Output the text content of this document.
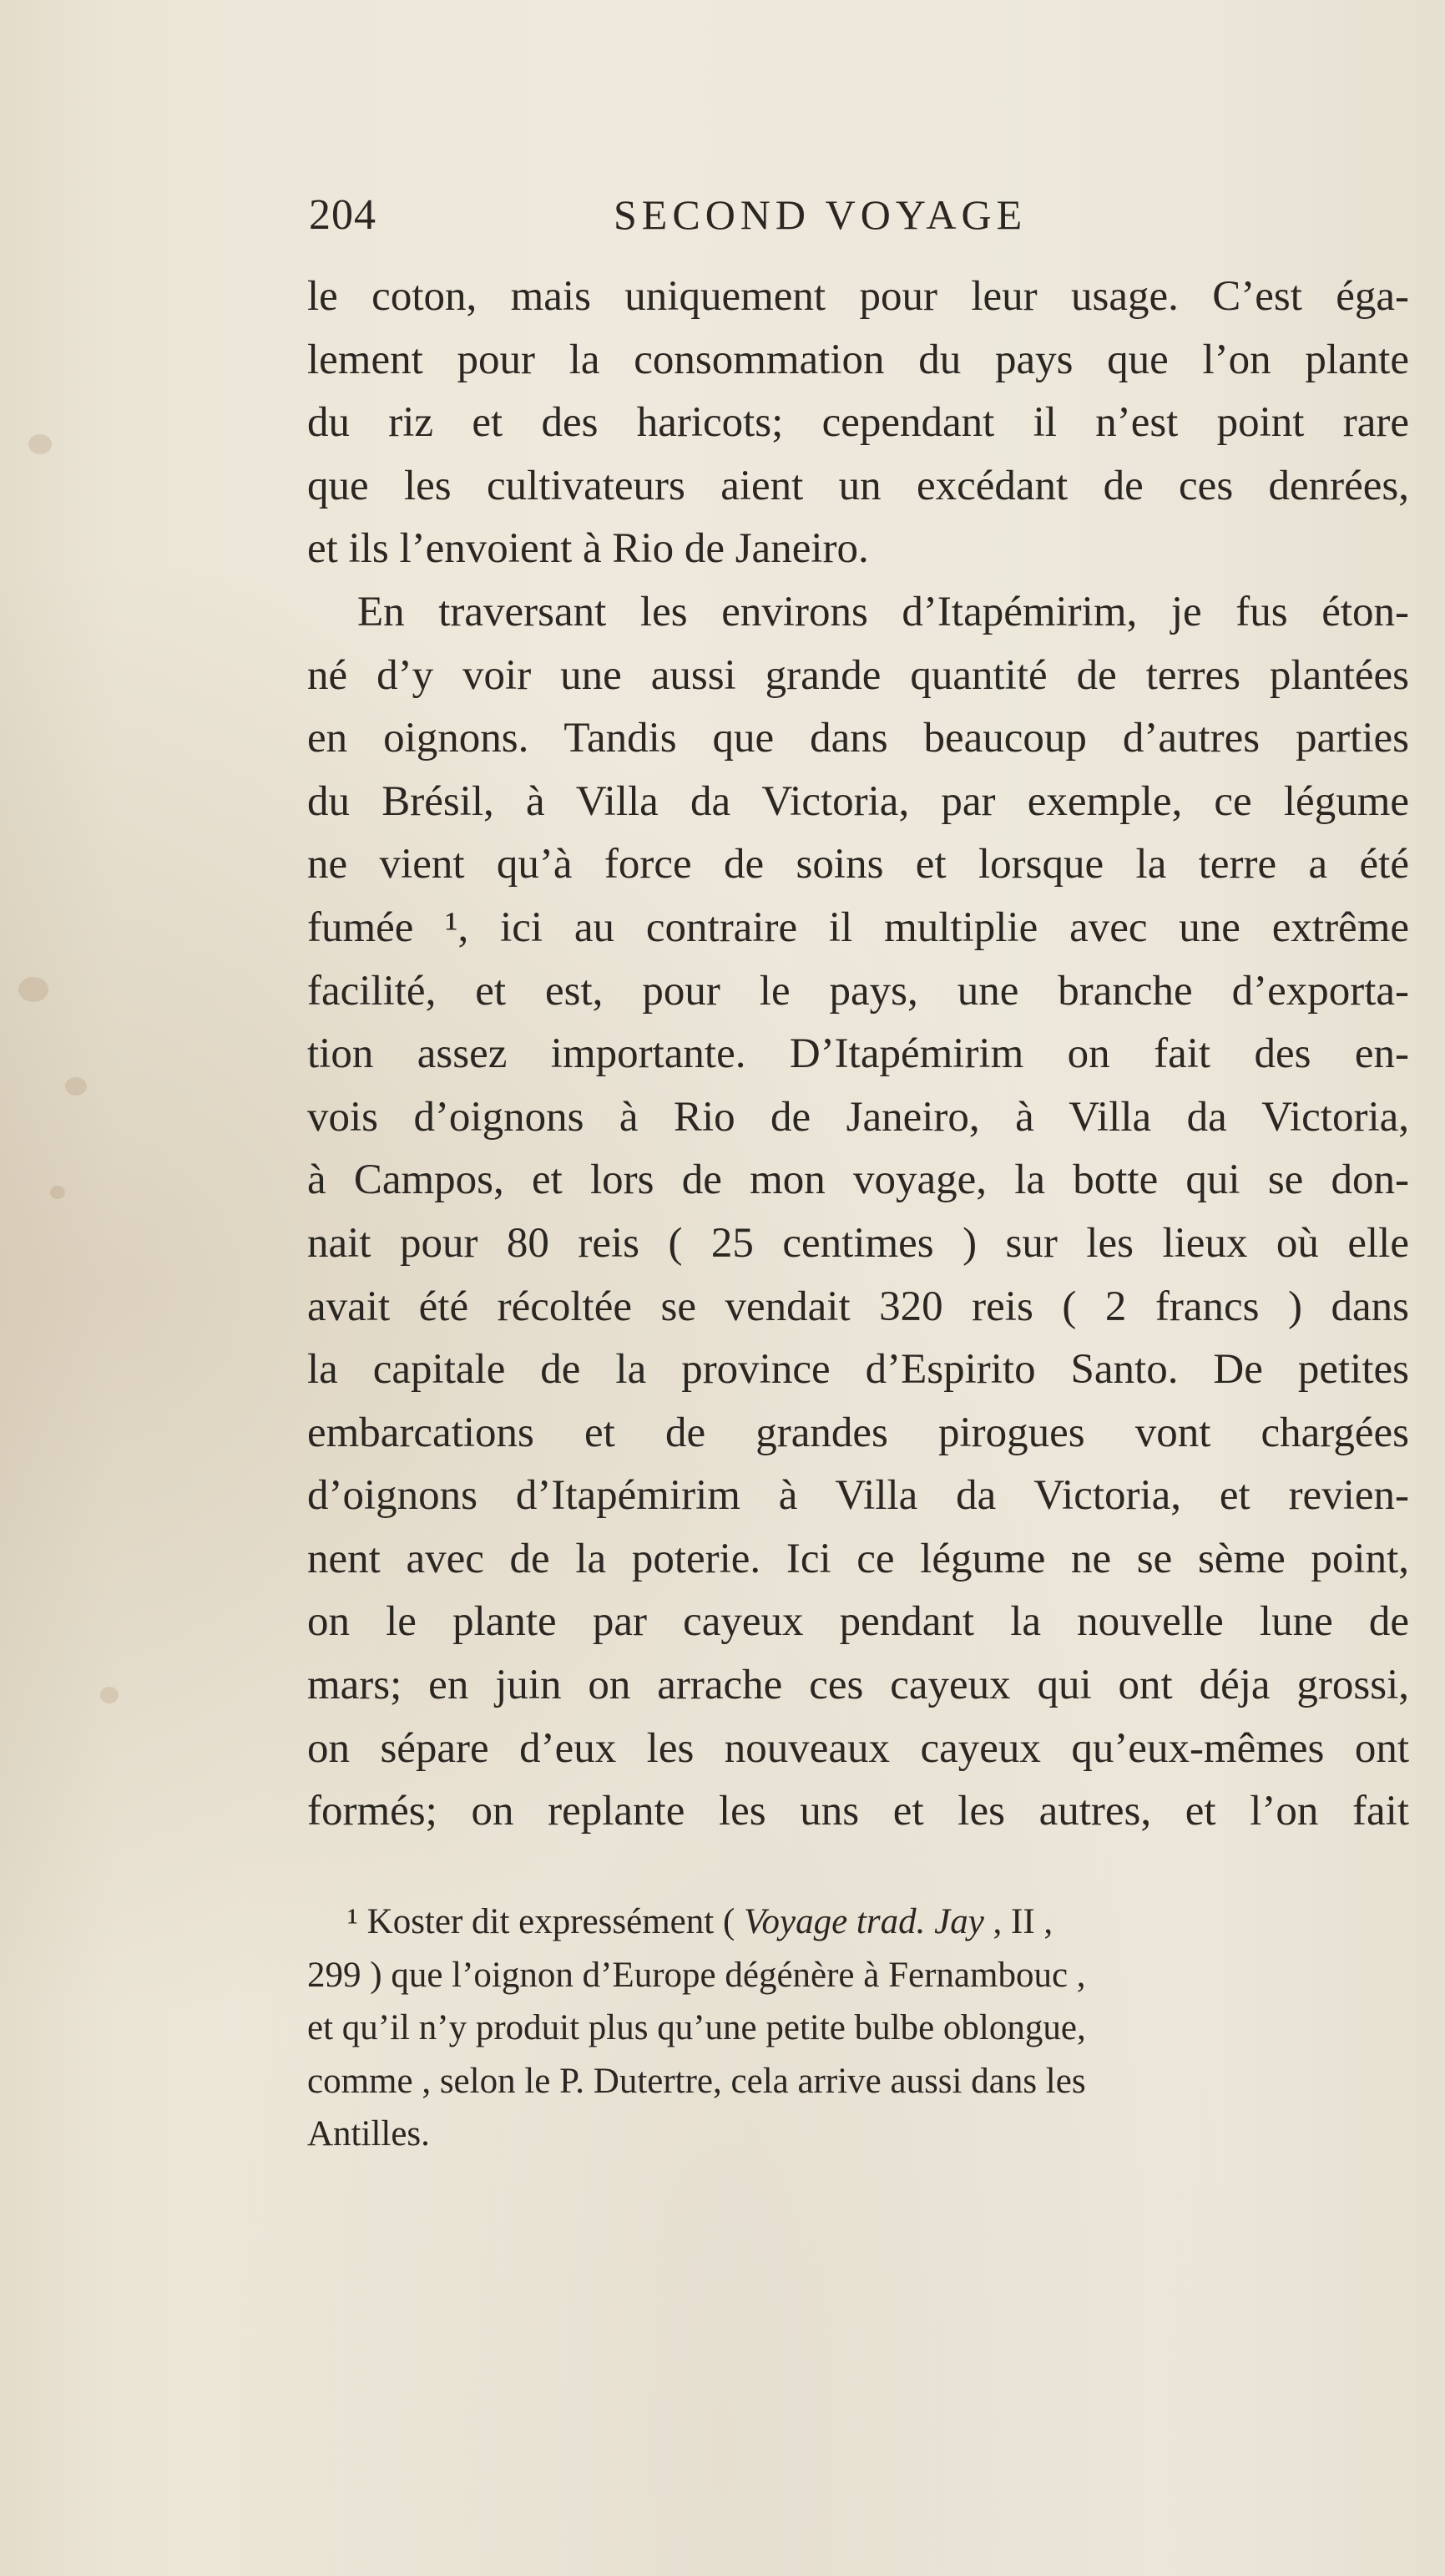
204	SECOND VOYAGE
le coton, mais uniquement pour leur usage. C’est éga-
lement pour la consommation du pays que l’on plante
du riz et des haricots; cependant il n’est point rare
que les cultivateurs aient un excédant de ces denrées,
et ils l’envoient à Rio de Janeiro.
En traversant les environs d’Itapémirim, je fus éton-
né d’y voir une aussi grande quantité de terres plantées
en oignons. Tandis que dans beaucoup d’autres parties
du Brésil, à Villa da Victoria, par exemple, ce légume
ne vient qu’à force de soins et lorsque la terre a été
fumée ¹, ici au contraire il multiplie avec une extrême
facilité, et est, pour le pays, une branche d’exporta-
tion assez importante. D’Itapémirim on fait des en-
vois d’oignons à Rio de Janeiro, à Villa da Victoria,
à Campos, et lors de mon voyage, la botte qui se don-
nait pour 80 reis ( 25 centimes ) sur les lieux où elle
avait été récoltée se vendait 320 reis ( 2 francs ) dans
la capitale de la province d’Espirito Santo. De petites
embarcations et de grandes pirogues vont chargées
d’oignons d’Itapémirim à Villa da Victoria, et revien-
nent avec de la poterie. Ici ce légume ne se sème point,
on le plante par cayeux pendant la nouvelle lune de
mars; en juin on arrache ces cayeux qui ont déja grossi,
on sépare d’eux les nouveaux cayeux qu’eux-mêmes ont
formés; on replante les uns et les autres, et l’on fait
¹ Koster dit expressément ( Voyage trad. Jay , II ,
299 ) que l’oignon d’Europe dégénère à Fernambouc ,
et qu’il n’y produit plus qu’une petite bulbe oblongue,
comme , selon le P. Dutertre, cela arrive aussi dans les
Antilles.
